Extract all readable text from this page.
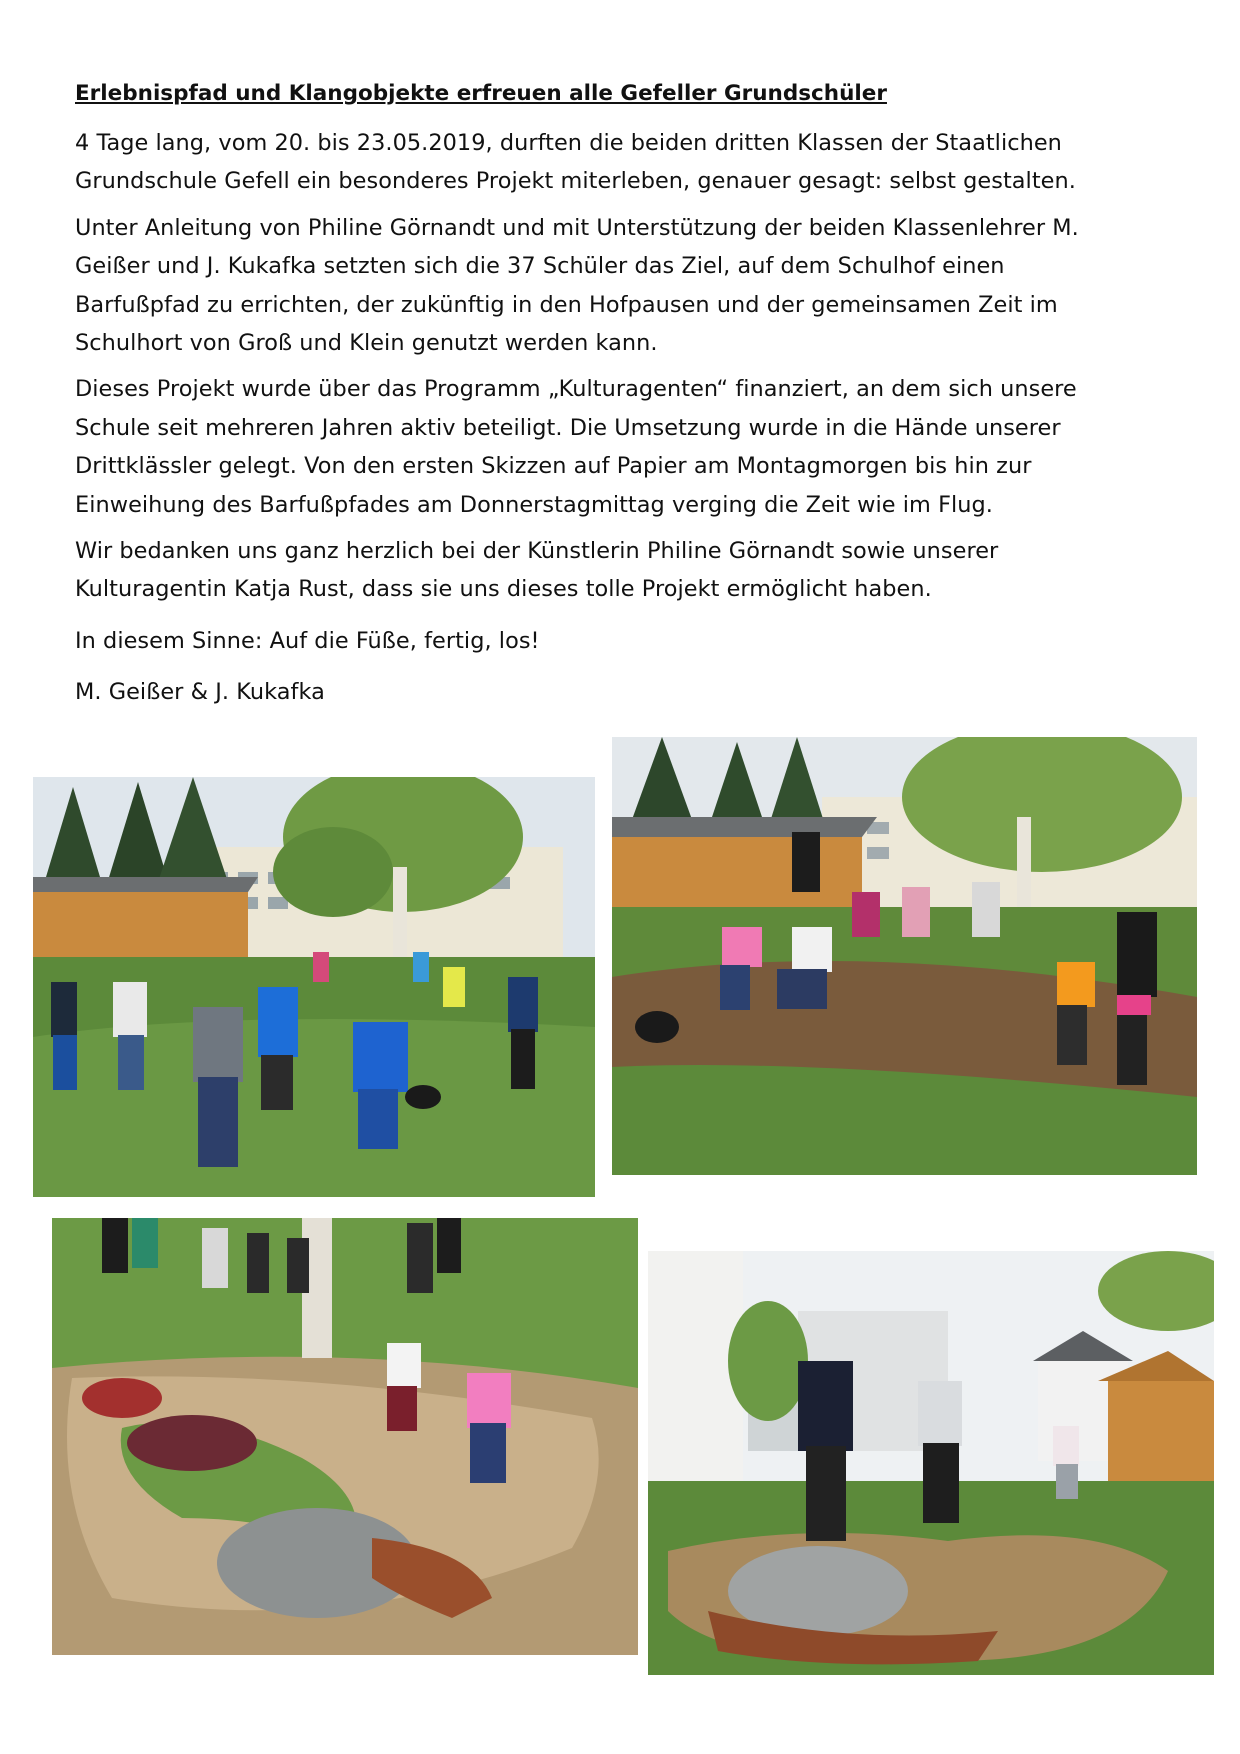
Erlebnispfad und Klangobjekte erfreuen alle Gefeller Grundschüler

4 Tage lang, vom 20. bis 23.05.2019, durften die beiden dritten Klassen der Staatlichen
Grundschule Gefell ein besonderes Projekt miterleben, genauer gesagt: selbst gestalten.

Unter Anleitung von Philine Görnandt und mit Unterstützung der beiden Klassenlehrer M.
Geißer und J. Kukafka setzten sich die 37 Schüler das Ziel, auf dem Schulhof einen
Barfußpfad zu errichten, der zukünftig in den Hofpausen und der gemeinsamen Zeit im
Schulhort von Groß und Klein genutzt werden kann.

Dieses Projekt wurde über das Programm „Kulturagenten“ finanziert, an dem sich unsere
Schule seit mehreren Jahren aktiv beteiligt. Die Umsetzung wurde in die Hände unserer
Drittklässler gelegt. Von den ersten Skizzen auf Papier am Montagmorgen bis hin zur
Einweihung des Barfußpfades am Donnerstagmittag verging die Zeit wie im Flug.

Wir bedanken uns ganz herzlich bei der Künstlerin Philine Görnandt sowie unserer
Kulturagentin Katja Rust, dass sie uns dieses tolle Projekt ermöglicht haben.

In diesem Sinne: Auf die Füße, fertig, los!

M. Geißer & J. Kukafka
